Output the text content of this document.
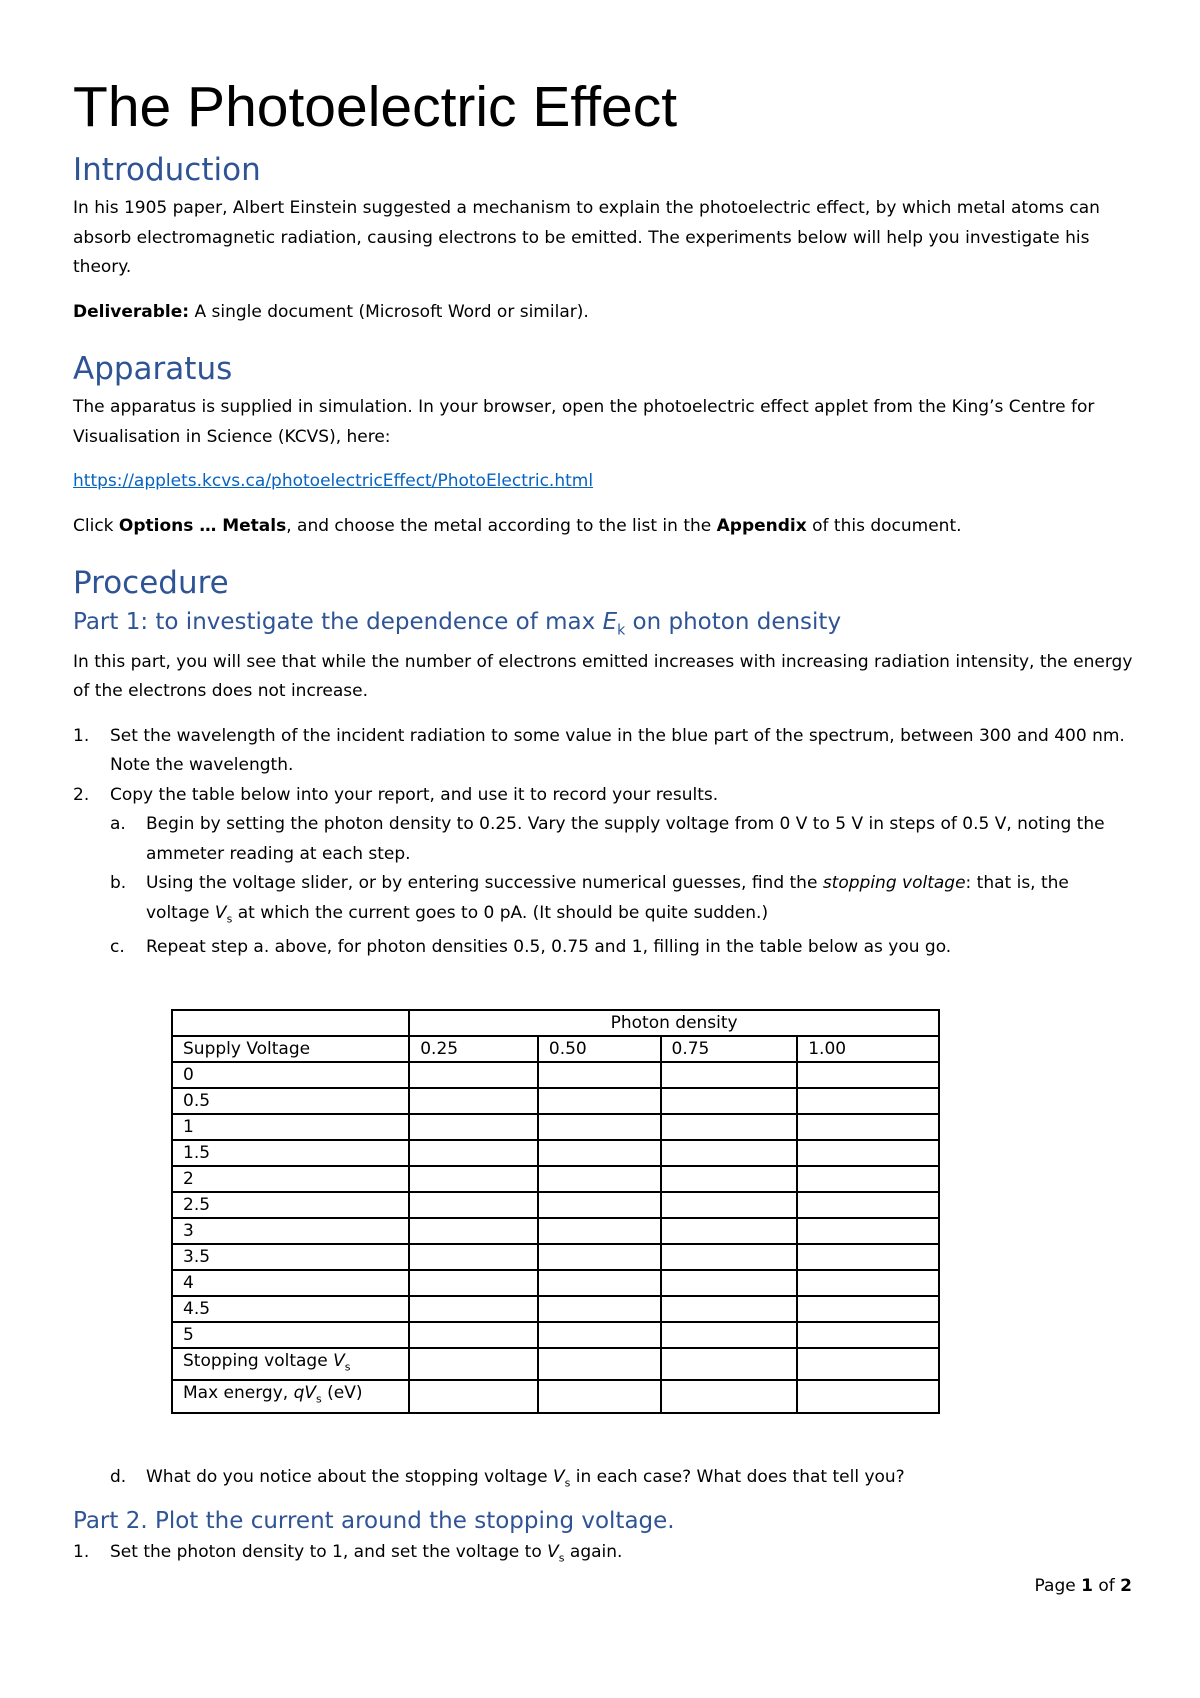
The Photoelectric Effect
Introduction

In his 1905 paper, Albert Einstein suggested a mechanism to explain the photoelectric effect, by which metal atoms can absorb electromagnetic radiation, causing electrons to be emitted. The experiments below will help you investigate his theory.

Deliverable: A single document (Microsoft Word or similar).

Apparatus

The apparatus is supplied in simulation. In your browser, open the photoelectric effect applet from the King’s Centre for Visualisation in Science (KCVS), here:

https://applets.kcvs.ca/photoelectricEffect/PhotoElectric.html

Click Options … Metals, and choose the metal according to the list in the Appendix of this document.

Procedure
Part 1: to investigate the dependence of $\max E_k$ on photon density

In this part, you will see that while the number of electrons emitted increases with increasing radiation intensity, the energy of the electrons does not increase.

1. Set the wavelength of the incident radiation to some value in the blue part of the spectrum, between 300 and 400 nm. Note the wavelength.
2. Copy the table below into your report, and use it to record your results.
a. Begin by setting the photon density to 0.25. Vary the supply voltage from 0 V to 5 V in steps of 0.5 V, noting the ammeter reading at each step.
b. Using the voltage slider, or by entering successive numerical guesses, find the stopping voltage: that is, the voltage $V_s$ at which the current goes to 0 pA. (It should be quite sudden.)
c. Repeat step a. above, for photon densities 0.5, 0.75 and 1, filling in the table below as you go.
	Photon density			
Supply Voltage	0.25	0.50	0.75	1.00
0				
0.5				
1				
1.5				
2				
2.5				
3				
3.5				
4				
4.5				
5				
Stopping voltage $V_s$				
Max energy, $qV_s$ (eV)				
d. What do you notice about the stopping voltage $V_s$ in each case? What does that tell you?
Part 2. Plot the current around the stopping voltage.
1. Set the photon density to 1, and set the voltage to $V_s$ again.
Page 1 of 2
